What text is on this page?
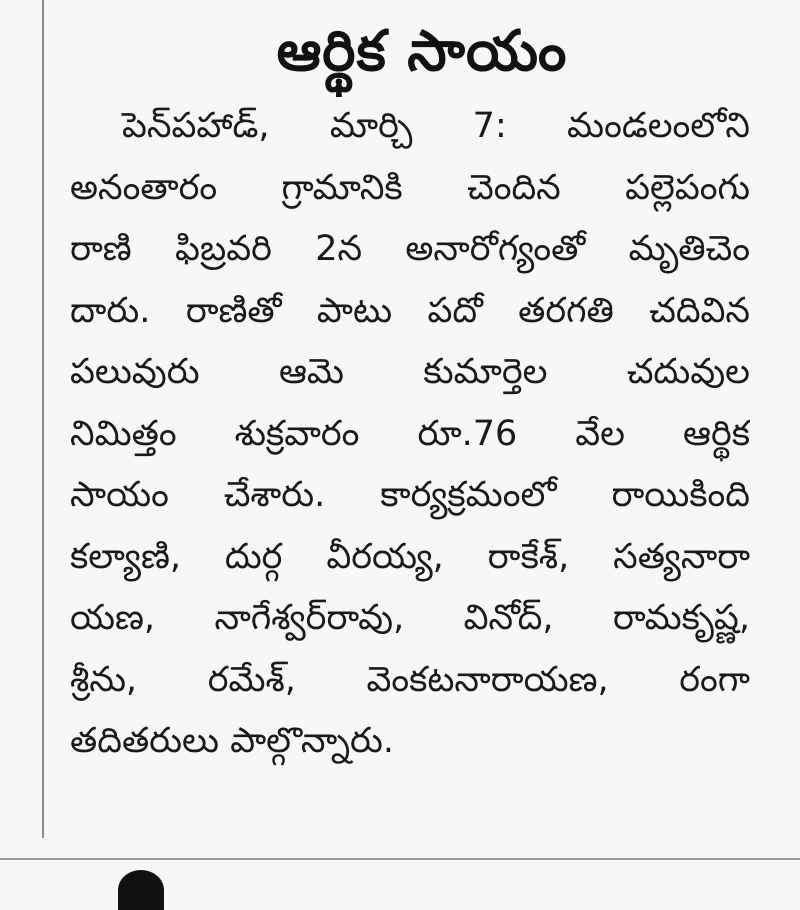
ఆర్థిక సాయం
పెన్‌పహాడ్, మార్చి 7: మండలంలోని
అనంతారం గ్రామానికి చెందిన పల్లెపంగు
రాణి ఫిబ్రవరి 2న అనారోగ్యంతో మృతిచెం
దారు. రాణితో పాటు పదో తరగతి చదివిన
పలువురు ఆమె కుమార్తెల చదువుల
నిమిత్తం శుక్రవారం రూ.76 వేల ఆర్థిక
సాయం చేశారు. కార్యక్రమంలో రాయికింది
కల్యాణి, దుర్గ వీరయ్య, రాకేశ్, సత్యనారా
యణ, నాగేశ్వర్‌రావు, వినోద్, రామకృష్ణ,
శ్రీను, రమేశ్, వెంకటనారాయణ, రంగా
తదితరులు పాల్గొన్నారు.
